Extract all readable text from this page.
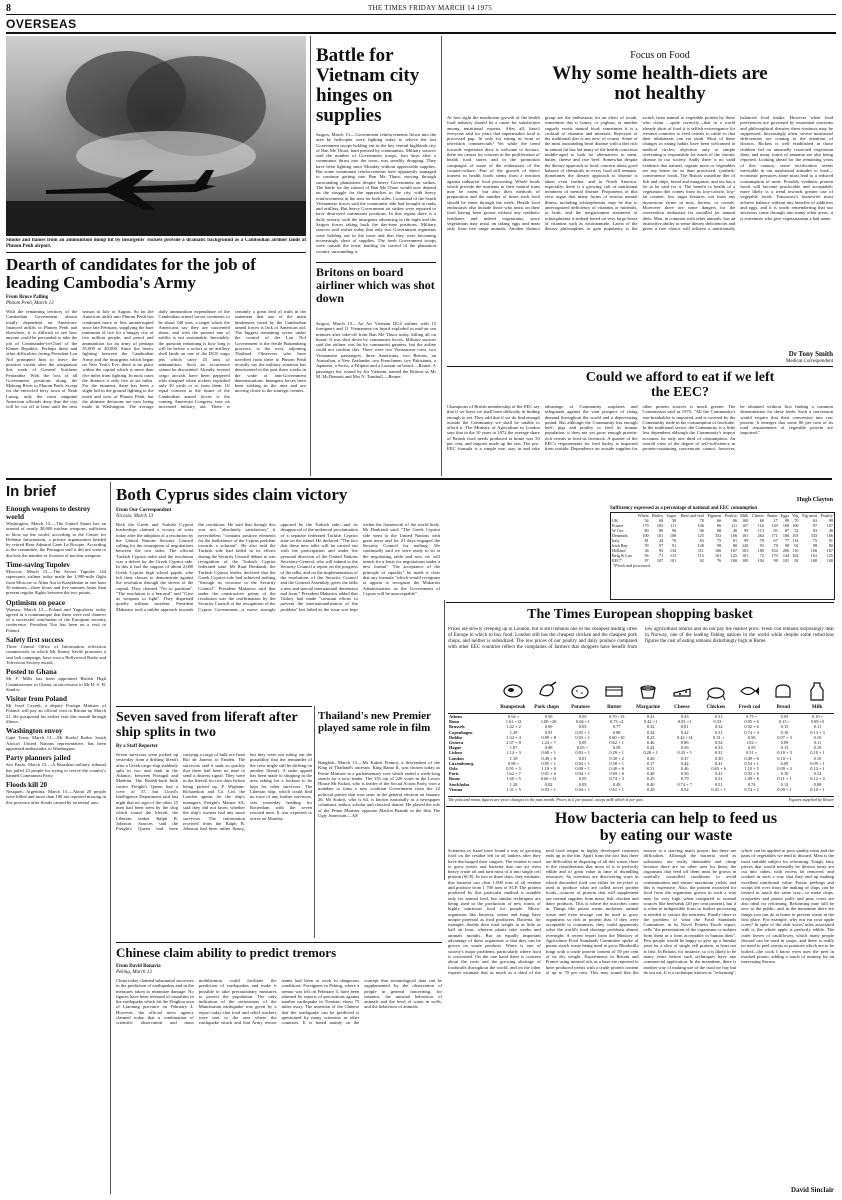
8	THE TIMES FRIDAY MARCH 14 1975
OVERSEAS
Smoke and flames from an ammunition dump hit by insurgents' rockets provide a dramatic background as a Cambodian airliner lands at Phnom Penh airport.
Battle for Vietnam city hinges on supplies
Saigon, March 13.—Government reinforcements flown into the area by helicopter were fighting today to relieve the last Government troops holding out in the key central highlands city of Ban Me Thuot, hard pressed by communists. Military sources said the number of Government troops, four days after a communist thrust into the town, was steadily dropping. They have been fighting since Monday without appreciable supplies. But some communist reinforcements have apparently managed to continue getting into Ban Me Thuot, moving through surrounding plantations despite heavy Government air strikes. The battle for the control of Ban Me Thuot would now depend on the struggle for the approaches to the city, with heavy reinforcements in the area for both sides. Command of the South Vietnamese forces said the communist side had brought in tanks and artillery. But heavy Government air strikes were reported to have destroyed communist positions. In this region there is a daily seesaw, with the insurgents advancing in the night and the Saigon forces taking back the day-time positions. Military sources said earlier today that only two Government regiments were holding out in the town and that they were becoming increasingly short of supplies. The fresh Government troops were outside the town, battling for control of the plantation country surrounding it.
Dearth of candidates for the job of leading Cambodia's Army
From Bruce Palling
Phnom Penh, March 13
With the remaining territory of the Cambodian Government almost totally dependent on American-financed airlifts to Phnom Penh and elsewhere, it is difficult to see how anyone could be persuaded to take the job of Commander-in-Chief of the Khmer Republic. Perhaps these and other difficulties facing President Lon Nol prompted him to leave the position vacant after the resignation this week of General Sosthene Fernandez. With the loss of all Government positions along the Mekong River to Phnom Penh, except for the encircled ferry town of Neak Luong, only the most sanguine American officials deny that the city will be cut off at least until the next season in July or August. So far the American airlift into Phnom Penh has continued more or less uninterrupted since late February, supplying the bare minimum of rice for a hungry city of two million people, and petrol and ammunition for an army of perhaps 35,000 to 40,000. Since the heavy fighting between the Cambodian Army and the insurgents which began on New Year's Eve, there is no place within the capital which is more than five miles from fighting. In most cases the distance is only five or six miles. For the moment, there has been a slight lull in the ground fighting to the north and west of Phnom Penh, but the ultimate decisions are now being made in Washington. The average daily ammunition expenditure of the Cambodian armed forces continues to be about 340 tons, a target which the Americans say they are concerned about, and with the present rate of airlifts is not sustainable. Inevitably, the question remaining is how long it will be before a rocket or an artillery shell lands on one of the DC8 cargo jets which carry 45 tons of ammunition. Such an occurrence cannot be discounted. Already, several cargo aircraft have been peppered with shrapnel when rockets exploded only 30 yards or so from them. Of equal concern to the future of the Cambodian armed forces is the coming American Congress vote on increased military aid. There is certainly a great deal of truth in the statement that one of the main hindrances faced by the Cambodian armed forces is lack of American aid. The biggest remaining sector under the control of the Lon Nol Government is the fertile Battambang province, to the west, adjoining Thailand. Observers who have travelled from there to Phnom Penh recently say the military situation has deteriorated in the past three weeks in the wake of anti-Government demonstrations. Insurgent forces have been striking in the area and are moving closer to the strategic centres.
Britons on board airliner which was shot down
Saigon, March 13.—An Air Vietnam DC4 airliner with 15 foreigners and 11 Vietnamese on board exploded in mid-air ten minutes after take-off from Ban Me Thuot today, killing all on board. It was shot down by communist forces. Military sources said the airliner was hit by communist gunners, but the airline could not confirm this. There were two Vietnamese crew, two Vietnamese passengers, three Americans, two Britons, an Australian, a New Zealander, two Frenchmen, two Pakistanis, a Japanese, a Swiss, a Filipino and a Laotian on board.—Reuter. A passenger list, issued by Air Vietnam, named the Britons as Mr M. McDermott and Mrs N. Turnbull.—Reuter.
Focus on Food
Why some health-diets are not healthy
At first sight the mushroom growth of the health food industry should be a cause for satisfaction among nutritional experts. After all, hasn't everyone said for years that supermarket food is processed pap, fit only for eating in front of television commercials? Yet while the trend towards vegetarian diets is welcome to doctors, there are causes for concern in the proliferation of health food stores and in the promotion campaigns of some of the enthusiasts of the counter-culture. Part of the growth of direct interest in health foods stems from a reaction against industrial food processing. Whole foods which provide the nutrients in their natural form may be eaten, but also their methods of preparation and the number of times each food should be eaten through the week. Health food enthusiasts also include those who insist on their food having been grown without any synthetic fertilizers and indeed vegetarians, since vegetarians may insist on taking eggs and meat only from free range animals. Another distinct group are the enthusiasts for an elixir of youth, sometimes this is honey, or yoghurt, or another vaguely exotic natural food; sometimes it is a cocktail of vitamins and minerals. Rejection of the traditional diet is not new, of course. Some of the most outstanding heart disease with a diet rich in animal fat has led many of the health conscious middle-aged to look for alternatives to meat, butter, cheese and rare beef. Somewhat despite the dietary approach to food, concern about good balance of chemicals in every food still remains. Sometimes the dietary approach to disease is taken even further, and in North America, especially, there is a growing cult of nutritional treatment of mental disease. Proponents of this view argue that many forms of serious mental illness, including schizophrenia, may be due to unrecognized deficiency of vitamins or minerals, or both; and the megavitamin treatment of schizophrenia is indeed based on very large doses of vitamins such as nicotinamide. Latest of the dietary philosophies to gain popularity is the switch from animal to vegetable protein by those who claim —quite correctly—that in a world already short of food it is selfish extravagance for western countries to feed cereals to cattle so that their inhabitants can eat steak. Most of these changes in eating habits have been welcomed in medical circles; objection only to simple overeating is responsible for much of the chronic disease in our society. Sadly there is no valid evidence that natural, organic meat or vegetables are any better for us than processed, synthetic convenience foods. The British wasteline diet of fish and chips, bread and margarine, and tea has a lot to be said for it. The benefit to health of a vegetarian diet comes from its low-calorie, low-fat content, low sugar features, not from any mysterious virtue in nuts, berries, or cereals. Moreover there are some dangers for the overzealous enthusiast for uncalled for natural diets. Man, in common with other animals, has an instinctive ability to sense dietary deficiencies and given a free choice will achieve a nutritionally balanced food intake. However when food preferences are governed by emotional reactions and philosophical theories these instincts may be suppressed. Increasingly often, severe nutritional deficiencies are coming to the attention of doctors. Rickets is well established in those children fed on unusually restricted vegetarian diets, and many forms of anaemia are also being reported. Looking ahead for the remaining years of this century, some rectification seems inevitable in our nutritional attitudes to food—economic pressures alone must lead to a reduced consumption of meat. Possibly synthetic protein foods will become practicable and acceptable; more likely is a trend towards greater use of vegetable foods. Tomorrow's housewife must achieve balance without any benefits of additives and eggs, and it is worth remembering that our ancestors came through into many other areas, it is extremists who give vegetarianism a bad name.
Dr Tony Smith
Medical Correspondent
Could we afford to eat if we left the EEC?
Champions of British membership of the EEC say that if we leave we shall have difficulty in finding enough to eat. They add that if we do find enough outside the Community we shall be unable to afford it. The Ministry of Agriculture in London says that in the 10 years to 1972 the average share of British food needs produced at home was 50 per cent, and imports made up the rest. The pro-EEC formula is a simple one: stay in and take advantage of Community surpluses and safeguards against the vain prospect of rising demand throughout the world and a depreciating pound. But although the Community has enough beef, pigs and poultry to feed its human population, it does not yet grow enough protein-rich cereals to feed its livestock. A quarter of the EEC's requirements for feed barley is imported from outside. Dependence on outside supplies for other protein sources is much greater. The Commission said in 1973: "All the Community's non-breakables is imported, and is covered by the Community trade in the consumption of foodcake. In the traditional sector, the Community is a little less dependent although the Community's import accounts for only one third of consumption. An overall view of the degree of self-sufficiency in protein-containing concentrate cannot, however, be obtained without first finding a common denomination for these feeds. Such a conversion would require that their conversion into raw protein. It emerges that some 80 per cent of its total requirements of vegetable protein are imported."
Hugh Clayton
Sufficiency expressed as a percentage of national and EEC consumption
	Wheat	Barley	Sugar	Beef and veal	Pigmeat	Poultry	Milk	Cheese	Butter	Eggs	Veg	Pig meat	Poultry
UK	54	68	39	78	66	96	100	60	17	99	70	63	99
France	179	183	111	106	86	111	107	116	139	108	100	97	107
W Ger	80	89	96	96	88	40	99	113	83	87	52	83	40
Denmark	100	101	108	125	333	166	101	264	171	106	103	333	166
Italy	81	44	76	63	75	91	99	78	67	77	114	75	91
Irish Rep	59	97	91	128	98	80	120	93	78	98	92	98	80
Holland	36	93	134	111	166	167	103	180	354	206	110	166	167
Belg & Lux	56	71	113	115	161	125	101	72	170	144	102	161	125
EEC*	97	107	101	92	76	100	100	104	98	101	92	100	100
*Fresh and processed.
In brief
Enough weapons to destroy world
Washington, March 13.—The United States has an arsenal of nearly 30,000 nuclear weapons, sufficient to blow up the world, according to the Centre for Defense Information, a private organization headed by retired Rear Admiral Gene La Rocque. According to the committee, the Pentagon said it did not want to disclose the number or location of nuclear weapons.
Time-saving Tupolev
Moscow, March 13.—The Soviet Tupolev 144 supersonic airliner today made the 1,900-mile flight from Moscow to Alma Ata in Kazakhstan in one hour 50 minutes—three hours and five minutes faster than present regular flights between the two points.
Optimism on peace
Warsaw, March 13.—Poland and Yugoslavia today agreed in a communique that there were real chances of a successful conclusion of the European security conference. President Tito has been on a visit to Poland.
Safety first success
Three Central Office of Information television commercials in which Mr Jimmy Savile promotes a seat belt campaign, have won a Hollywood Radio and Television Society award.
Posted to Ghana
Mr F. Mills has been appointed British High Commissioner in Ghana, in succession to Mr H. S. H. Stanley.
Visitor from Poland
Mr Josef Czyrek, a deputy Foreign Minister of Poland, will pay an official visit to Britain on March 21. He postponed his earlier visit this month through illness.
Washington envoy
Cape Town, March 13.—Mr Roelof Botha, South Africa's United Nations representative, has been appointed ambassador to Washington.
Party planners jailed
Sao Paulo, March 13.—A Brazilian military tribunal has jailed 23 people for trying to revive the country's banned Communist Party.
Floods kill 20
Neuquen, Argentina, March 13.—About 20 people were killed and more than 100 are reported missing in this province after floods caused by torrential rain.
Both Cyprus sides claim victory
From Our Correspondent
Nicosia, March 13
Both the Greek and Turkish Cypriot leaderships claimed a victory of sorts today after the adoption of a resolution by the United Nations Security Council calling for the resumption of negotiations between the two sides. The official Turkish Cypriot radio said the resolution was a defeat for the Greek Cypriot side. In this it had the support of about 2,000 Greek Cypriot high school pupils, who left their classes to demonstrate against the resolution through the streets of the capital. They chanted "No to partition". "The resolution is a betrayal" and "Give us weapons to fight". They dispersed quietly without incident. President Makarios took a milder approach towards the resolution. He said that though this was not "absolutely satisfactory" it nevertheless "contains positive elements for the furtherance of the Cyprus problem towards a solution". He also said the Turkish side had failed in its efforts during the Security Council debate to win recognition of the Turkish Cypriot federated state. Mr Rauf Denktash, the Turkish Cypriot leader, declared that the Greek Cypriot side had achieved nothing "through its recourse to the Security Council". President Makarios said that under the constructive points of the resolution was the reaffirmation by the Security Council of the recognition of the Cyprus Government—a move strongly opposed by the Turkish side—and its disapproval of the unilateral proclamation of a separate federated Turkish Cypriot state on the island. He declared: "The fact that these new talks will be carried out with the participation and under the personal direction of the United Nations Secretary-General, who will submit to the Security Council a report on the progress of the talks, and on the implementation of the resolutions of the Security Council and the General Assembly, gives the talks a new and special international dimension and form." President Makarios added that Turkey had made "constant efforts to prevent the internationalization of the problem" but failed as the issue was kept within the framework of the world body. Mr Denktash said: "The Greek Cypriot side went to the United Nations with great noise and for 21 days engaged the Security Council for nothing. We continually said we were ready to sit at the negotiating table and now we will search for a basis for negotiations under a new format". The acceptance of the principle of equality" he made it clear that any formula "which would recognize or appear to recognize the Makarios Administration as the Government of Cyprus will be unacceptable".
The Times European shopping basket
Prices are slowly creeping up in London, but is still remains one of the cheapest leading cities of Europe in which to buy food. London still has the cheapest chicken and the cheapest pork chops, and neither is subsidized. The low prices of our poultry and dairy produce compared with other EEC countries reflect the complaints of farmers that shoppers have benefit from low agricultural returns and do not pay the market price. Fresh cod remains surprisingly dear in Norway, one of the leading fishing nations in the world while despite some reductions figures the cost of eating remains disturbingly high in Rome.
Rumpsteak	Pork chops	Potatoes	Butter	Margarine	Cheese	Chicken	Fresh cod	Bread	Milk
Athens	0.64 +	0.50	0.05	0.70 +13	0.41	0.43	0.31	0.75 +	0.05	0.10 +
Bonn	1.61 +12	1.00 +20	0.04 +1	0.73 +2	0.42 +1	0.81 +1	0.33 -	0.95 + 6	0.15 +	0.09 +5
Brussels	1.42 + 2	0.69	0.03	0.77	0.32	0.81	0.32	0.92 + 6	0.15	0.11
Copenhagen	1.28	0.91	0.05 + 1	0.88	0.34	0.42	0.31	0.74 + 4	0.10	0.13 + 3
Dublin	1.34 + 4	0.89 + 8	0.03 + 1	0.60 +10	0.23	0.42 +14	0.31 +	0.58	0.07 + 3	0.10
Geneva	2.37 + 8	1.24 + 7	0.05	0.62 + 1	0.46	0.86	0.54	1.02 +	0.09	0.11
Hague	1.87	0.88	0.05 +	0.58	0.24	0.56	0.33	0.59	0.13	0.10
Lisbon	1.14 + 3	0.68 + 1	0.03 + 1	0.29 + 1	0.28 + 1	0.43 + 1	0.31	0.51 +	0.10 + 3	0.10 + 1
London	1.18	0.49 + 6	0.01	0.30 + 2	0.20	0.47	0.30	0.49 + 6	0.10 + 1	0.10
Luxembourg	0.98 +	0.85 + 1	0.04 + 1	0.58 + 1	0.17	0.44	0.41	0.54 + 1	0.09	0.09 + 1
Oslo	0.91 + 5	1.10 + 8	0.08 + 1	0.40 + 6	0.31	0.46	0.65 + 6	1.10 + 5	0.09 + 3	0.13 + 1
Paris	1.62 + 7	0.81 + 6	0.04 + 1	0.69 + 6	0.48	0.56	0.41	0.92 + 6	0.10	0.14
Rome	1.60 + 5	0.66 +13	0.05	0.74 + 3	0.25	0.79	0.51	1.00 + 8	0.11 + 1	0.12 + 4
Stockholm	1.28	0.82	0.05	0.49	0.40	0.74 + 7	0.51	0.74	0.12	0.08
Vienna	1.31 + 5	0.93 + 1	0.04 + 1	0.61 + 1	0.28	0.54	0.41 + 1	0.74 + 2	0.09 + 1	0.10 + 1
The plus and minus figures are price changes in the past month. Prices in £ per pound, except milk which is per pint.	Figures supplied by Reuter
Seven saved from liferaft after ship splits in two
By a Staff Reporter
Seven survivors were picked up yesterday from a drifting liferaft after a Greek cargo ship suddenly split in two and sank in the Atlantic, between Portugal and Madeira. The British-built bulk carrier Freight's Queen had a crew of 37, but Lloyd's Intelligence Department said last night that no sign of the other 25 men had been seen by the ship which found the liferaft, the Liberian tanker Ralph B. Johnson. Sources said the Freight's Queen had been carrying a cargo of bulk ore from Rio de Janeiro to Emden. The survivors said it sank so quickly that there had been no time to send a distress signal. They were in the liferaft for two days before being picked up. P. Wigham-Richardson and Co. Ltd, the London agents for the ship's managers, Freight's Marine SA, said they did not know whether the ship's owners had any more survivors. The information received from the Ralph B. Johnson had been rather flimsy, but they were not ruling out the possibility that the remainder of the crew might still be drifting on another liferaft. A radio appeal has been made to shipping in the area asking for a lookout to be kept for other survivors. The Liberian ship, which could find no trace of any further survivors, was yesterday heading for Rotterdam with the seven rescued men. It was expected to arrive on Monday.
Thailand's new Premier played same role in film
Bangkok, March 13.—Mr Kukrit Pramoj, a descendant of the King of Thailand's ancestor, King Rama II, was chosen today as Prime Minister in a parliamentary vote which ended a week-long search for a new leader. The 135 out of 226 votes in the Lower House Mr Kukrit, who is leader of the Social Action Party, won a mandate to form a new coalition Government from the 22 political parties that won seats in the general election on January 26. Mr Kukrit, who is 64, is known nationally as a newspaper columnist, author, scholar and classical dancer. He played the role of the Prime Minister opposite Marlon Brando in the film The Ugly American.—AP.	How bacteria can help to feed us by eating our waste
Scientists in Israel have found a way of growing food on the residue left in oil tankers after they have discharged their cargoes. The residue is used to grow yeasts and bacteria that can act even heavy crude oil and turn most of it into single cell protein (SCP). In two or three days, they estimate, this bacteria can clear 1,000 tons of oil residue and produce from 1 700 tons of SCP. The protein produced by this particular method is suitable only for animal feed, but similar techniques are being tried in the production of new forms of highly nutritious food for people. Micro-organisms like bacteria, yeasts and fungi have unique potential as food producers. Bacteria, for example, double their total weight in as little as half an hour, whereas plants take weeks and animals months. But an equally important advantage of these organisms is that they can be grown on waste products. Waste is one of society's major problems, particularly where food is concerned. On the one hand there is concern about the costs and the growing shortage of foodstuffs throughout the world, and on the other experts estimate that as much as a third of the total food output in highly developed countries ends up in the bin. Apart from the fact that there are difficulties in disposing of all this waste, there is the consideration that most of it is perfectly edible and of great value in time of dwindling resources. So scientists are discovering ways in which discarded food can either be recycled or used to produce what are called novel protein foods—sources of protein that will supplement our normal supplies from meat, fish, chicken and dairy products. This is where the microbes come in. Things like potato waste, molasses, animal waste and even sewage can be used to grow organisms so rich in protein that, if they were acceptable to consumers, they could apparently solve the world's food shortage problems almost overnight. A recent report from the Ministry of Agriculture Food Standards Committee spoke of potato starch waste being used to grow Rhodotilla fungi with a crude protein content of 50 per cent of its dry weight. Experiments in Britain and France using mineral oils as a base are reported to have produced yeasts with a crude protein content of up to 70 per cent. This may sound like the answer to a starving man's prayer, but there are difficulties. Although the bacteria used as substrates, are easily obtainable and cheap because there are no other uses for them, the organisms that feed off them must be grown in carefully controlled conditions to avoid contamination and ensure maximum yields, and this is expensive. Also, the protein extracted for food from the organisms grown in such a way may be very high when compared to normal sources like beefsteak (20 per cent protein), but it is often in indigestible form so further processing is needed to extract the nutrients. Finally there is the problem of what the Food Standards Committee, in its Novel Protein Foods report, calls "the presentation of the organisms or isolates from them in a form acceptable in human diets". Few people would be happy to give up a Sunday joint for a slice of single cell protein, at least not at first. In Britain, for instance, so it is likely to be many years before such techniques have any commercial application. In the meantime, there is another way of making use of the food we buy but do not eat. It is a technique known as "reforming", which can be applied to poor quality meat and the parts of vegetables we tend to discard. Meat is the most suitable subject for reforming. Tough, fatty pieces that would normally be thrown away are cut into cubes, with excess fat removed, and cooked in such a way that they end up making excellent nutritional value. Potato peelings and scraps left over from the making of chips can be treated in much the same way—to make chips, croquettes and potato puffs and peas cores are also ideal for reforming. Reforming may still be new to the public, and in the meantime there are things you can do at home to prevent waste in the first place. For example, why not eat your apple cores? In spite of the olde wives' tales associated with it, the whole apple is perfectly edible. The outer leaves of cauliflower, which many people discard can be used in soups, and there is really no need to peel carrots or potatoes which are to be boiled—the cook I know even uses the peel in mashed potato, adding a touch of nutmeg for an interesting flavour.
David Sinclair
Chinese claim ability to predict tremors
From David Bonavia
Peking, March 13
China today claimed substantial successes in the prediction of earthquakes and in the measures taken to minimize damage. No figures have been released of casualties in the earthquake which hit the Yingkou area of Liaoning province on February 4. However, the official news agency claimed today that a combination of scientific observation and mass mobilization could facilitate the prediction of earthquakes and make it possible to take precautionary measures to protect the population. The only indication of the seriousness of the Manchurian earthquake was given by a report today that food and relief workers were sent to the area where the earthquake struck and that Army rescue teams had been at work in dangerous conditions. Foreigners in Peking, where a tremor was felt on February 4, have been alarmed by reports of precautions against another earthquake in Tientsin, about 75 miles away. The assertion of the Chinese that the earthquake can be predicted is questioned by many scientists in other countries. It is based mainly on the concept that seismological data can be supplemented by the observation of people in general concerning, for instance, the unusual behaviour of animals and the level of water in wells, and the behaviour of animals.
